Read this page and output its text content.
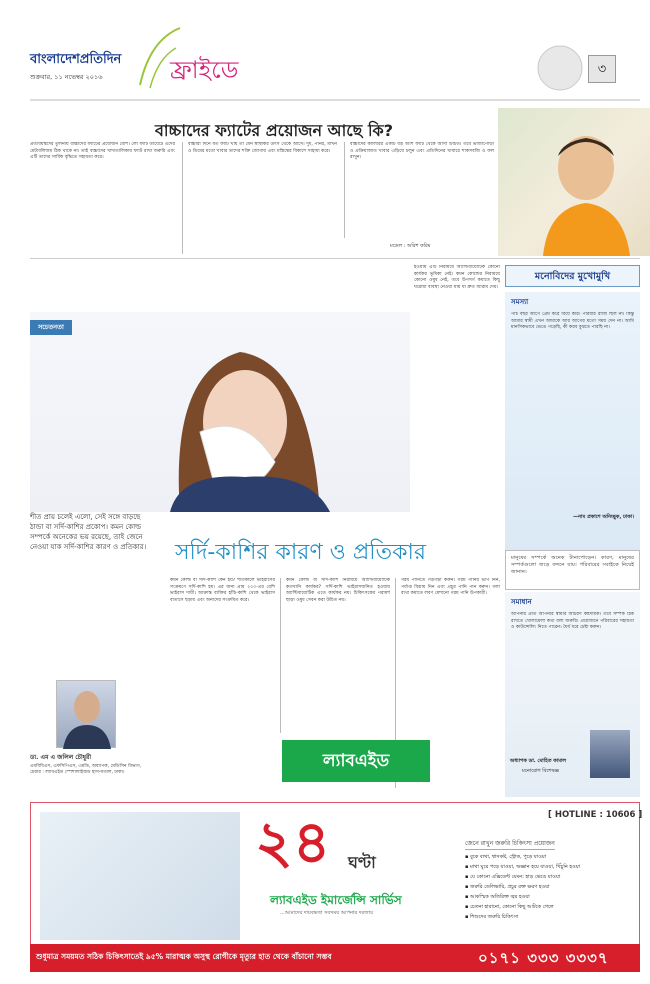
বাংলাদেশপ্রতিদিন
শুক্রবার, ১১ নভেম্বর ২০১৬	ফ্রাইডে	৩
বাচ্চাদের ফ্যাটের প্রয়োজন আছে কি?
প্রত্যবয়স্কদের তুলনায় বাচ্চাদের ফ্যাটের প্রয়োজন বেশি। লো ফ্যাট ডায়েটে এদের মেটাবলিজম ঠিক থাকে না। তাই বাচ্চাদের খাদ্যতালিকায় ফ্যাট রাখা জরুরি এবং এটি তাদের সার্বিক বৃদ্ধিতে সহায়তা করে।
বাচ্চারা দিনে যত ফ্যাট খায় তা যেন স্বাস্থ্যকর উৎস থেকে আসে। দুধ, পনির, মাখন ও ডিমের মতো খাবার তাদের শক্তি জোগায় এবং মস্তিষ্কের বিকাশে সাহায্য করে।
বাচ্চাদের ক্যালরির একটি বড় অংশ ফ্যাট থেকে আসা উচিত। তবে ভাজাপোড়া ও প্রক্রিয়াজাত খাবার এড়িয়ে চলুন এবং প্রতিদিনের খাবারে শাকসবজি ও ফল রাখুন।
মডেল : অরিশ করিম
সচেতনতা
হওয়ায় এটি নিরাময়ে অ্যান্টিবায়োটিক কোনো কার্যকর ভূমিকা নেই। কমন কোল্ডের নিরাময়ে কোনো ওষুধ নেই, তবে উপসর্গ কমাতে কিছু ঘরোয়া ব্যবস্থা নেওয়া যায় যা দ্রুত আরাম দেয়।
শীত প্রায় চলেই এলো, সেই সঙ্গে বাড়ছে ঠান্ডা বা সর্দি-কাশির প্রকোপ। কমন কোল্ড সম্পর্কে অনেকের ভয় রয়েছে, তাই জেনে নেওয়া যাক সর্দি-কাশির কারণ ও প্রতিকার। সর্দি-কাশির কারণ ও প্রতিকার
কমন কোল্ড বা সর্দি-কাশি কেন হয়? শীতকালে ভাইরাসের সংক্রমণে সর্দি-কাশি হয়। এর জন্য প্রায় ২০০-এর বেশি ভাইরাস দায়ী। আক্রান্ত ব্যক্তির হাঁচি-কাশি থেকে ভাইরাস বাতাসে ছড়ায় এবং অন্যদের সংক্রমিত করে।
কমন কোল্ড বা সর্দি-কাশি নিরাময়ে অ্যান্টিবায়োটিক কতখানি কার্যকর? সর্দি-কাশি ভাইরাসজনিত হওয়ায় অ্যান্টিবায়োটিক এতে কার্যকর নয়। চিকিৎসকের পরামর্শ ছাড়া ওষুধ সেবন করা উচিত নয়।
গরম পানিতে গড়গড়া করুন। গরম পানির ভাপ নিন, পর্যাপ্ত বিশ্রাম নিন এবং প্রচুর পানি পান করুন। গলা ব্যথা কমাতে লবণ মেশানো গরম পানি উপকারী।
ল্যাবএইড
ডা. এম এ জলিল চৌধুরী
এমবিবিএস, এফসিপিএস, এমডি, অধ্যাপক, মেডিসিন বিভাগ, চেয়ার : ল্যাবএইড স্পেশালাইজড হাসপাতাল, ঢাকা।
মনোবিদের মুখোমুখি
সমস্যা
পাঁচ বছর আগে প্রেম করে বিয়ে করি। পরিবার রাজি ছিল না। কিন্তু আমার স্বামী এখন আমাকে আর আগের মতো সময় দেন না। আমি মানসিকভাবে ভেঙে পড়েছি, কী করব বুঝতে পারছি না।
—নাম প্রকাশে অনিচ্ছুক, ঢাকা।
মানুষের সম্পর্কে অনেক টানাপোড়েন। কারণ, মানুষের সম্পর্কগুলো জড়ে বন্দনে যায়। পরিবারের সবাইকে নিয়েই জানান।
সমাধান
আপনার প্রতি আপনার স্বামীর আচরণ কষ্টদায়ক। তবে সম্পর্ক ঠিক রাখতে খোলামেলা কথা বলা জরুরি। প্রয়োজনে পরিবারের সহায়তা ও কাউন্সেলিং নিতে পারেন। ধৈর্য ধরে চেষ্টা করুন।
অধ্যাপক ডা. মোহিত কামাল
মনোরোগ বিশেষজ্ঞ
[ HOTLINE : 10606 ]
২৪ ঘণ্টা
ল্যাবএইড ইমার্জেন্সি সার্ভিস
...আমাদের দায়বদ্ধতা সবসময় আপনার দরজায়
জেনে রাখুন জরুরি চিকিৎসা প্রয়োজন
▪ বুকে ব্যথা, শ্বাসকষ্ট, স্ট্রোক, পুড়ে যাওয়া
▪ মাথা ঘুরে পড়ে যাওয়া, অজ্ঞান হয়ে যাওয়া, খিঁচুনি হওয়া
▪ যে কোনো এক্সিডেন্ট যেমন: হাড় ভেঙে যাওয়া
▪ জরুরি ডেলিভারি, প্রচুর রক্ত ক্ষরণ হওয়া
▪ আকস্মিক অতিরিক্ত জ্বর হওয়া
▪ চেতনা হারানো, কোনো কিছু আটকে গেলে
▪ শিশুদের জরুরি চিকিৎসা
শুধুমাত্র সময়মত সঠিক চিকিৎসাতেই ৯৫% মারাত্মক অসুস্থ রোগীকে মৃত্যুর হাত থেকে বাঁচানো সম্ভব	০১৭১ ৩৩৩ ৩৩৩৭
